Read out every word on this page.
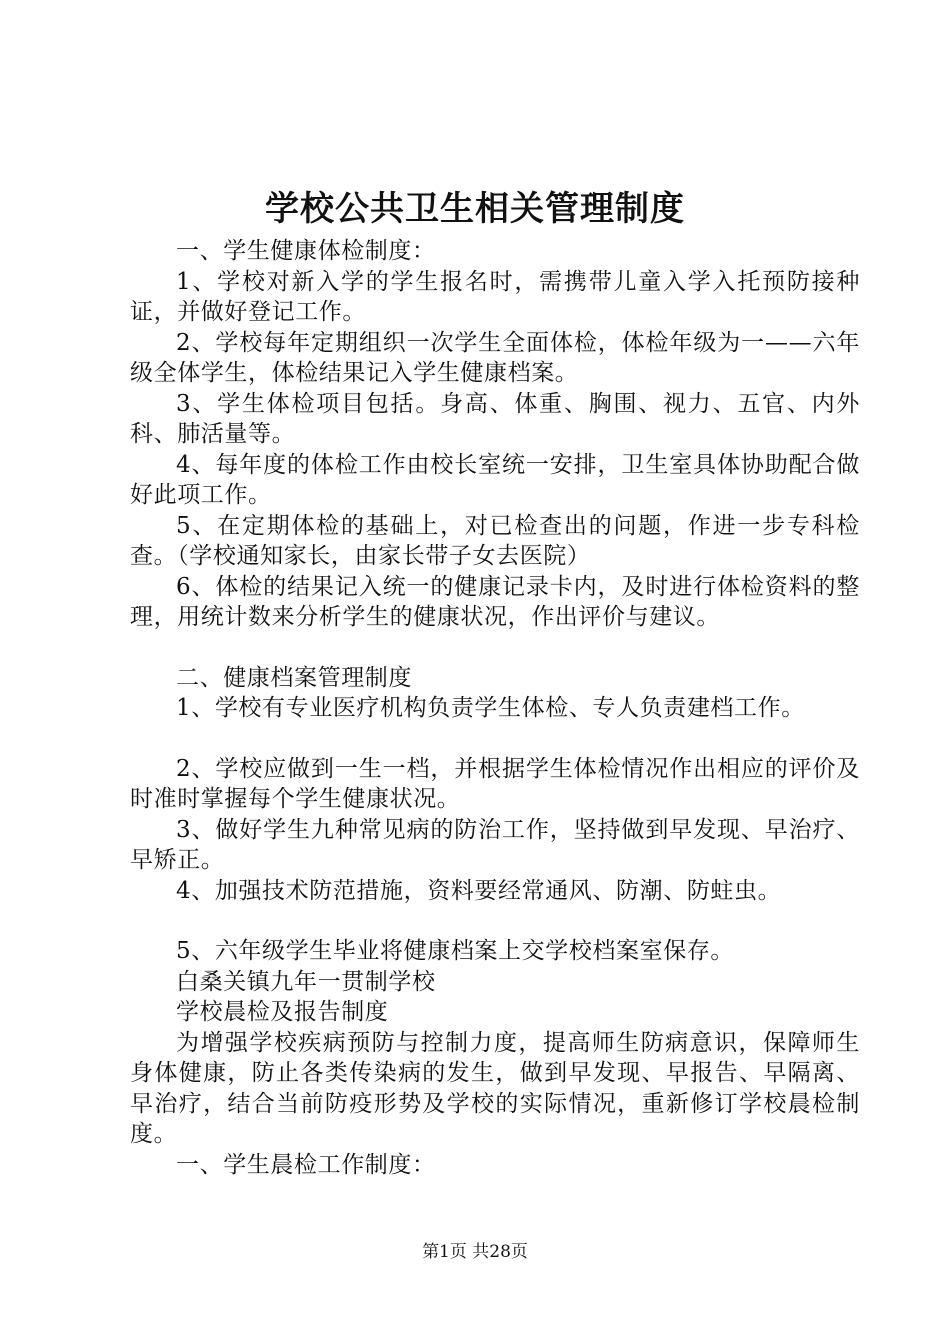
学校公共卫生相关管理制度

一、学生健康体检制度：

1、学校对新入学的学生报名时，需携带儿童入学入托预防接种证，并做好登记工作。

2、学校每年定期组织一次学生全面体检，体检年级为一——六年级全体学生，体检结果记入学生健康档案。

3、学生体检项目包括。身高、体重、胸围、视力、五官、内外科、肺活量等。

4、每年度的体检工作由校长室统一安排，卫生室具体协助配合做好此项工作。

5、在定期体检的基础上，对已检查出的问题，作进一步专科检查。（学校通知家长，由家长带子女去医院）

6、体检的结果记入统一的健康记录卡内，及时进行体检资料的整理，用统计数来分析学生的健康状况，作出评价与建议。

二、健康档案管理制度

1、学校有专业医疗机构负责学生体检、专人负责建档工作。

2、学校应做到一生一档，并根据学生体检情况作出相应的评价及时准时掌握每个学生健康状况。

3、做好学生九种常见病的防治工作，坚持做到早发现、早治疗、早矫正。

4、加强技术防范措施，资料要经常通风、防潮、防蛀虫。

5、六年级学生毕业将健康档案上交学校档案室保存。

白桑关镇九年一贯制学校

学校晨检及报告制度

为增强学校疾病预防与控制力度，提高师生防病意识，保障师生身体健康，防止各类传染病的发生，做到早发现、早报告、早隔离、早治疗，结合当前防疫形势及学校的实际情况，重新修订学校晨检制度。

一、学生晨检工作制度：

第1页 共28页
